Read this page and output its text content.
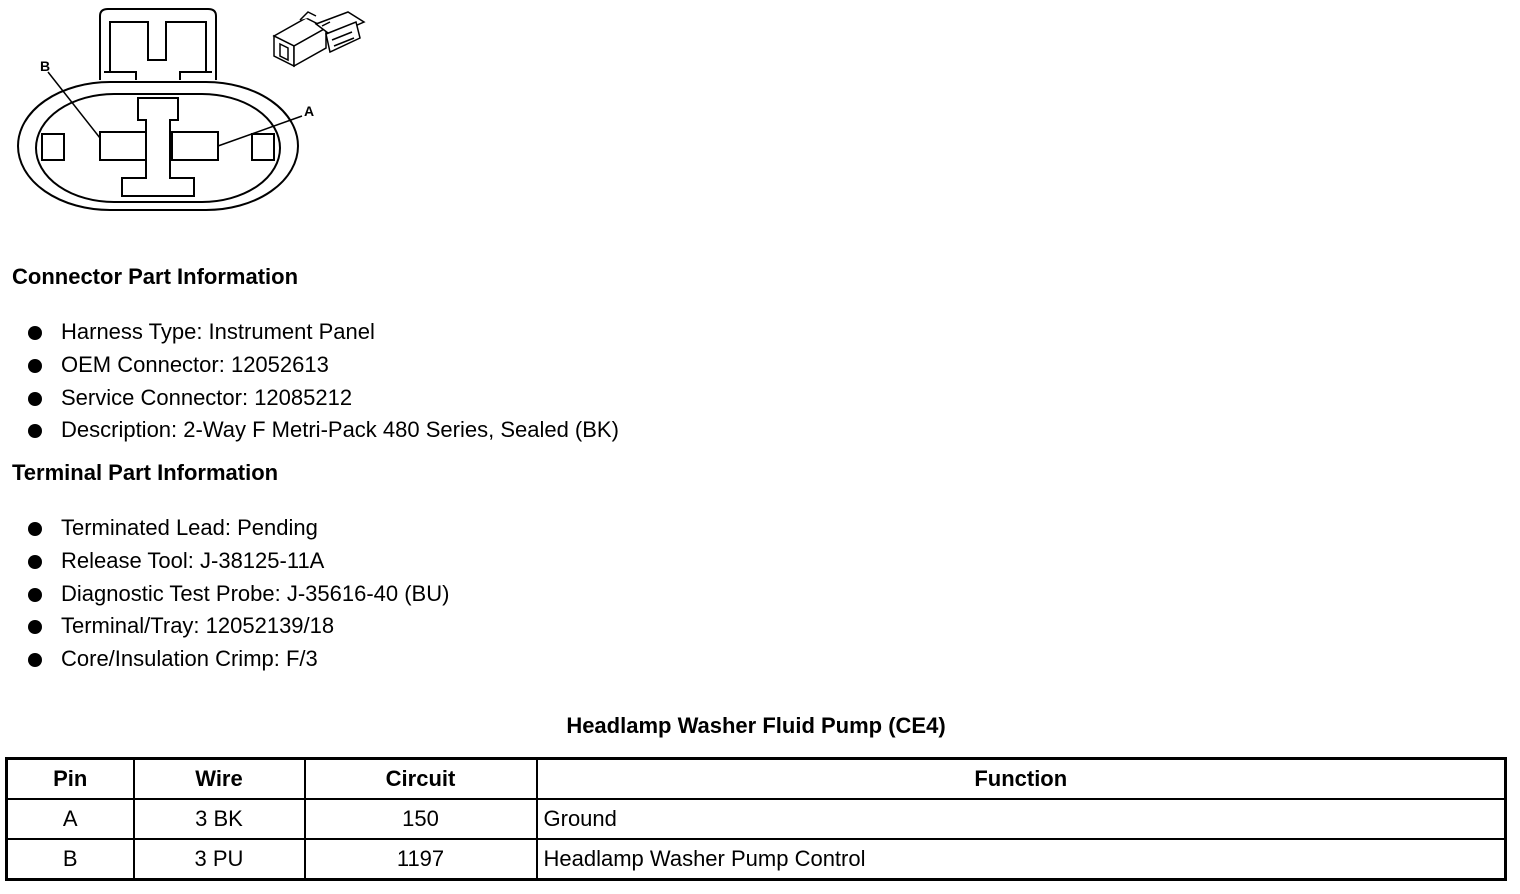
B
A
Connector Part Information
Harness Type: Instrument Panel
OEM Connector: 12052613
Service Connector: 12085212
Description: 2-Way F Metri-Pack 480 Series, Sealed (BK)
Terminal Part Information
Terminated Lead: Pending
Release Tool: J-38125-11A
Diagnostic Test Probe: J-35616-40 (BU)
Terminal/Tray: 12052139/18
Core/Insulation Crimp: F/3
Headlamp Washer Fluid Pump (CE4)
Pin	Wire	Circuit	Function
A	3 BK	150	Ground
B	3 PU	1197	Headlamp Washer Pump Control
